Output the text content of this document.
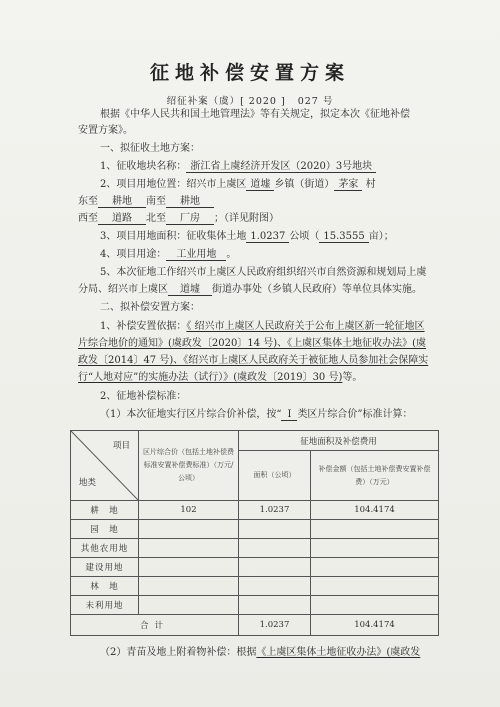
征地补偿安置方案
绍征补案（虞）[ 2020 ] 027 号
根据《中华人民共和国土地管理法》等有关规定，拟定本次《征地补偿
安置方案》。
一、拟征收土地方案：
1、征收地块名称： 浙江省上虞经济开发区（2020）3号地块
2、项目用地位置：绍兴市上虞区 道墟 乡镇（街道） 茅家 村
东至 耕地 南至 耕地
西至 道路 北至 厂房 ；（详见附图）
3、项目用地面积：征收集体土地 1.0237 公顷（ 15.3555 亩）；
4、项目用途： 工业用地 。
5、本次征地工作绍兴市上虞区人民政府组织绍兴市自然资源和规划局上虞
分局、绍兴市上虞区 道墟 街道办事处（乡镇人民政府）等单位具体实施。
二、拟补偿安置方案：
1、补偿安置依据：《 绍兴市上虞区人民政府关于公布上虞区新一轮征地区
片综合地价的通知》(虞政发〔2020〕14 号)、《上虞区集体土地征收办法》(虞
政发〔2014〕47 号)、《绍兴市上虞区人民政府关于被征地人员参加社会保障实
行“人地对应”的实施办法（试行）》(虞政发〔2019〕30 号)等。
2、征地补偿标准：
（1）本次征地实行区片综合价补偿，按“ Ⅰ 类区片综合价”标准计算：
项目
地类	区片综合价（包括土地补偿费标准安置补偿费标准）（万元/公顷）	征地面积及补偿费用	
		面积（公顷）	补偿金额（包括土地补偿费安置补偿费）（万元）
耕　地	102	1.0237	104.4174
园　地			
其他农用地			
建设用地			
林　地			
未利用地			
合计		1.0237	104.4174
（2）青苗及地上附着物补偿：根据《上虞区集体土地征收办法》(虞政发
